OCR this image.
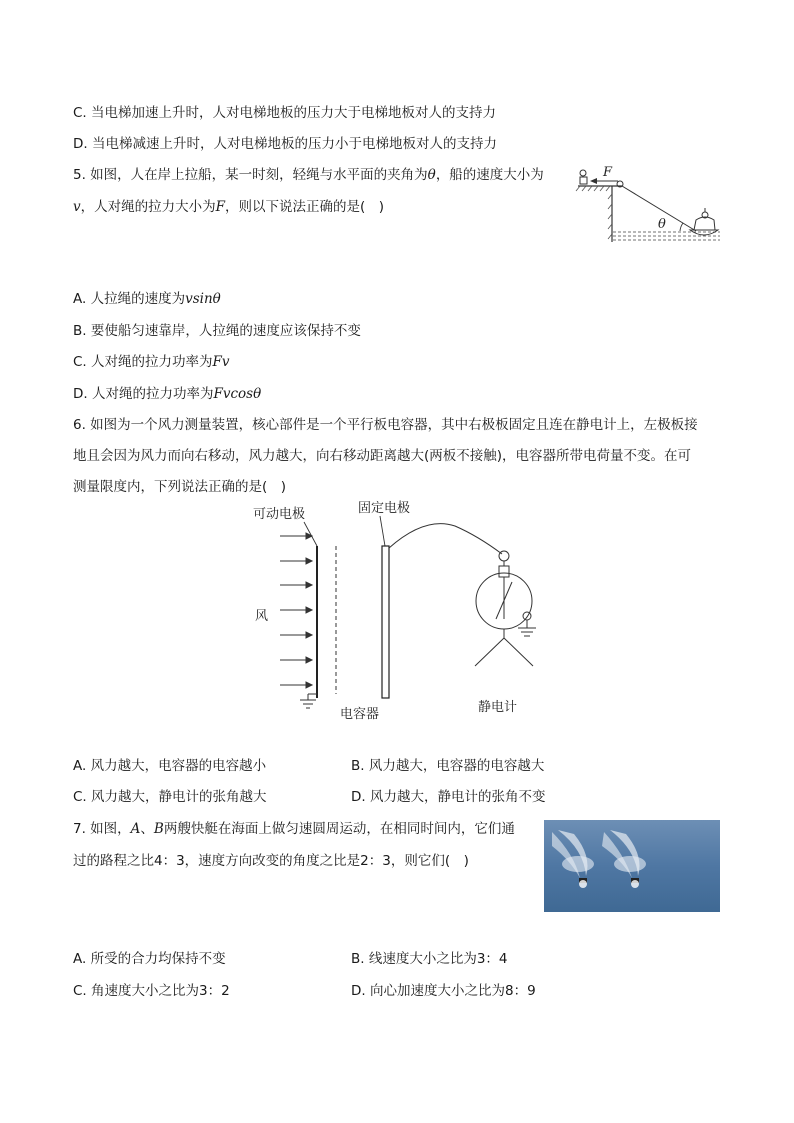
C. 当电梯加速上升时，人对电梯地板的压力大于电梯地板对人的支持力
D. 当电梯减速上升时，人对电梯地板的压力小于电梯地板对人的支持力
5. 如图，人在岸上拉船，某一时刻，轻绳与水平面的夹角为θ，船的速度大小为
v，人对绳的拉力大小为F，则以下说法正确的是(　)
F
θ
A. 人拉绳的速度为vsinθ
B. 要使船匀速靠岸，人拉绳的速度应该保持不变
C. 人对绳的拉力功率为Fv
D. 人对绳的拉力功率为Fvcosθ
6. 如图为一个风力测量装置，核心部件是一个平行板电容器，其中右极板固定且连在静电计上，左极板接
地且会因为风力而向右移动，风力越大，向右移动距离越大(两板不接触)，电容器所带电荷量不变。在可
测量限度内，下列说法正确的是(　)
可动电极	固定电极
风
电容器	静电计
A. 风力越大，电容器的电容越小	B. 风力越大，电容器的电容越大
C. 风力越大，静电计的张角越大	D. 风力越大，静电计的张角不变
7. 如图，A、B两艘快艇在海面上做匀速圆周运动，在相同时间内，它们通
过的路程之比4：3，速度方向改变的角度之比是2：3，则它们(　)
A. 所受的合力均保持不变	B. 线速度大小之比为3：4
C. 角速度大小之比为3：2	D. 向心加速度大小之比为8：9
